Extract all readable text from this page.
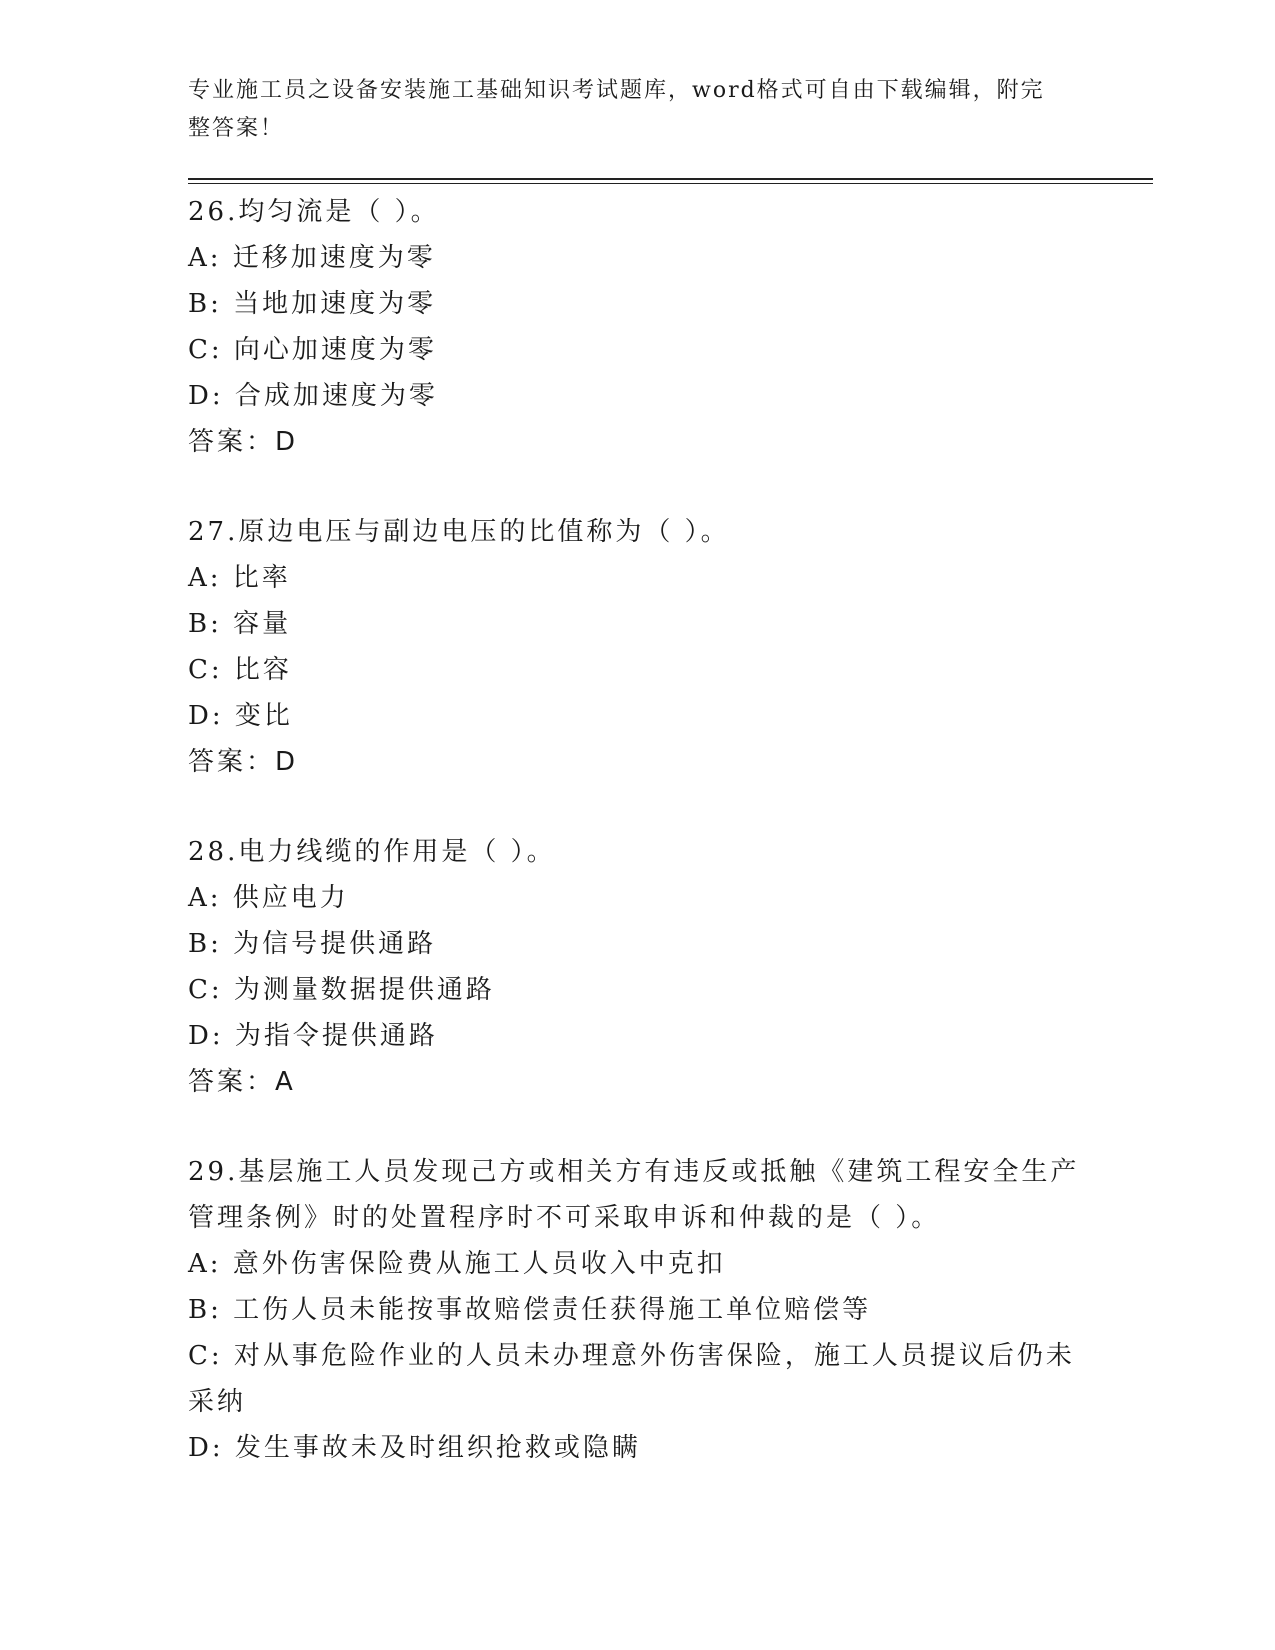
专业施工员之设备安装施工基础知识考试题库，word格式可自由下载编辑，附完整答案！
26.均匀流是（ ）。
A: 迁移加速度为零
B: 当地加速度为零
C: 向心加速度为零
D: 合成加速度为零
答案：D
27.原边电压与副边电压的比值称为（ ）。
A: 比率
B: 容量
C: 比容
D: 变比
答案：D
28.电力线缆的作用是（ ）。
A: 供应电力
B: 为信号提供通路
C: 为测量数据提供通路
D: 为指令提供通路
答案：A
29.基层施工人员发现己方或相关方有违反或抵触《建筑工程安全生产管理条例》时的处置程序时不可采取申诉和仲裁的是（ ）。
A: 意外伤害保险费从施工人员收入中克扣
B: 工伤人员未能按事故赔偿责任获得施工单位赔偿等
C: 对从事危险作业的人员未办理意外伤害保险，施工人员提议后仍未采纳
D: 发生事故未及时组织抢救或隐瞒
